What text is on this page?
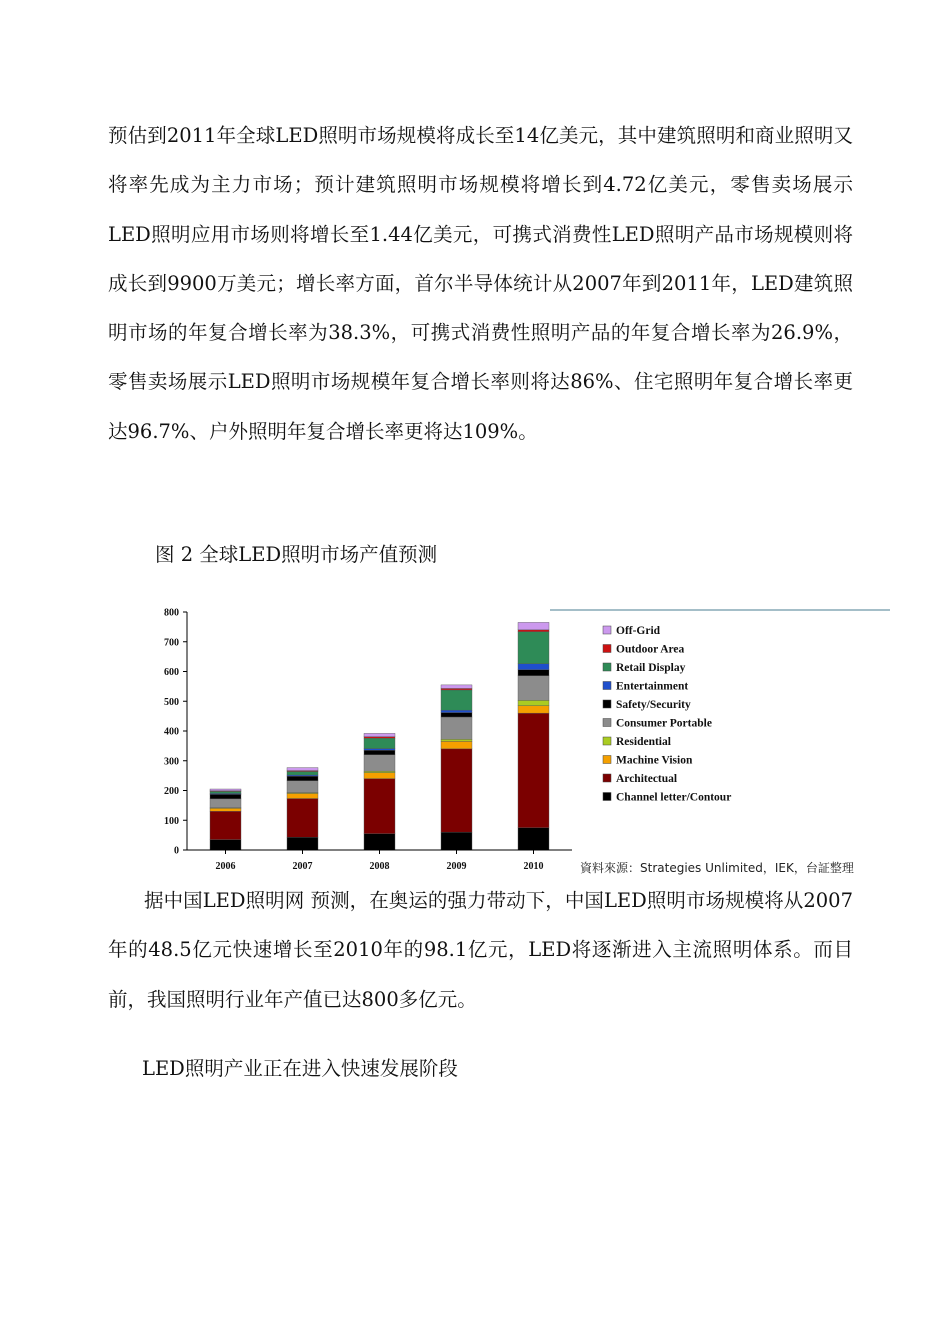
预估到2011年全球LED照明市场规模将成长至14亿美元，其中建筑照明和商业照明又将率先成为主力市场；预计建筑照明市场规模将增长到4.72亿美元，零售卖场展示LED照明应用市场则将增长至1.44亿美元，可携式消费性LED照明产品市场规模则将成长到9900万美元；增长率方面，首尔半导体统计从2007年到2011年，LED建筑照明市场的年复合增长率为38.3%，可携式消费性照明产品的年复合增长率为26.9%，零售卖场展示LED照明市场规模年复合增长率则将达86%、住宅照明年复合增长率更达96.7%、户外照明年复合增长率更将达109%。

图 2 全球LED照明市场产值预测

0
100
200
300
400
500
600
700
800
2006	2007	2008	2009	2010
Off-Grid
Outdoor Area
Retail Display
Entertainment
Safety/Security
Consumer Portable
Residential
Machine Vision
Architectual
Channel letter/Contour
資料來源：Strategies Unlimited，IEK，台証整理

据中国LED照明网 预测，在奥运的强力带动下，中国LED照明市场规模将从2007年的48.5亿元快速增长至2010年的98.1亿元，LED将逐渐进入主流照明体系。而目前，我国照明行业年产值已达800多亿元。

LED照明产业正在进入快速发展阶段
